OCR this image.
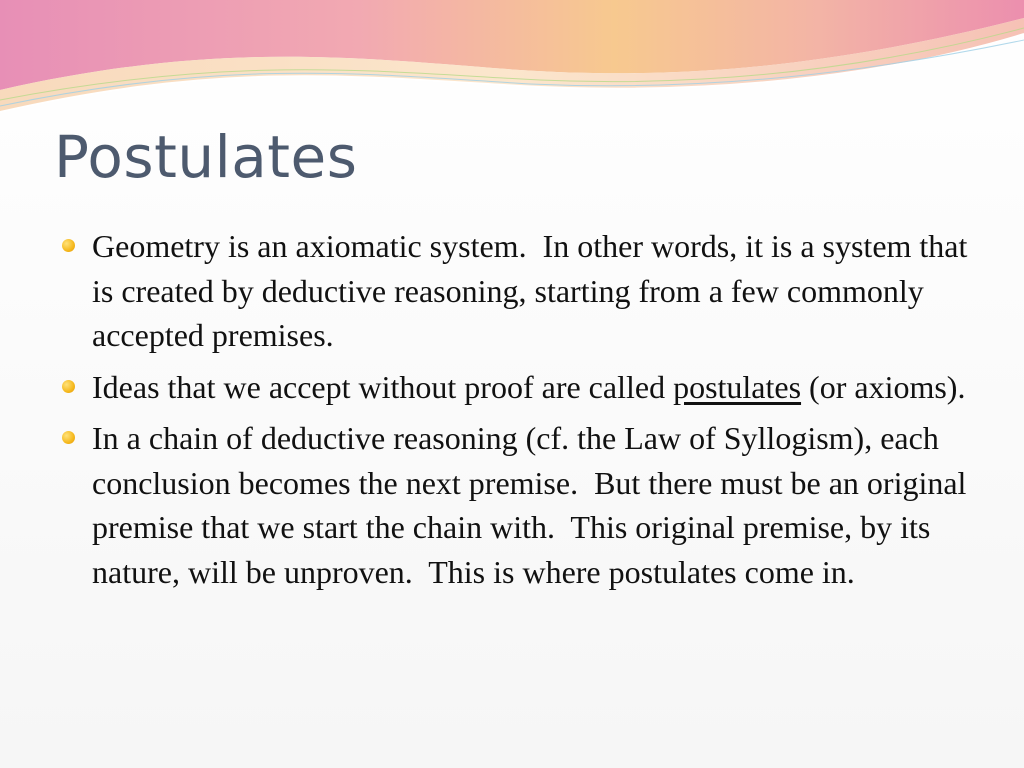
Postulates
Geometry is an axiomatic system.  In other words, it is a system that is created by deductive reasoning, starting from a few commonly accepted premises.
Ideas that we accept without proof are called postulates (or axioms).
In a chain of deductive reasoning (cf. the Law of Syllogism), each conclusion becomes the next premise.  But there must be an original premise that we start the chain with.  This original premise, by its nature, will be unproven.  This is where postulates come in.
